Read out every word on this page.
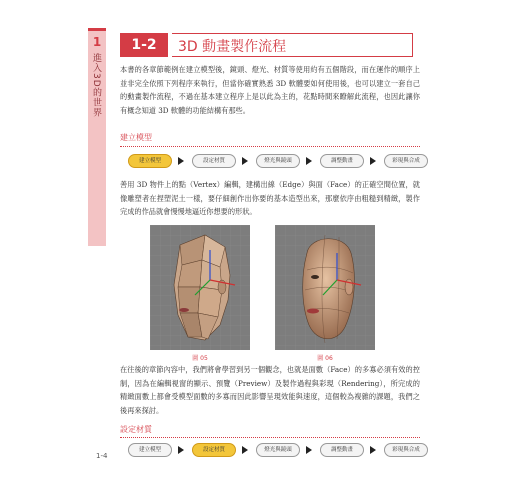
1
進入3D的世界
1-2	3D 動畫製作流程
本書的各章節範例在建立模型後，鏡頭、燈光、材質等使用約有五個階段，而在運作的順序上並非完全依照下列程序來執行，但當你確實熟悉 3D 軟體要如何使用後，也可以建立一套自己的動畫製作流程，不過在基本建立程序上是以此為主的，花點時間來瞭解此流程，也因此讓你有概念知道 3D 軟體的功能結構有那些。
建立模型
建立模型	設定材質	燈光與鏡頭	調整動畫	彩現與合成
善用 3D 物件上的點（Vertex）編輯，建構出線（Edge）與面（Face）的正確空間位置，就像雕塑者在捏塑泥土一樣，要仔細創作出你要的基本造型出來，那麼依序由粗糙到精緻，製作完成的作品就會慢慢地逼近你想要的形狀。
圖 05	圖 06
在往後的章節內容中，我們將會學習到另一個觀念，也就是面數（Face）的多寡必須有效的控制，因為在編輯視窗的顯示、預覽（Preview）及製作過程與彩現（Rendering），所完成的精緻面數上都會受模型面數的多寡而因此影響呈現效能與速度，這個較為複雜的課題，我們之後再來探討。
設定材質
建立模型	設定材質	燈光與鏡頭	調整動畫	彩現與合成
1-4
